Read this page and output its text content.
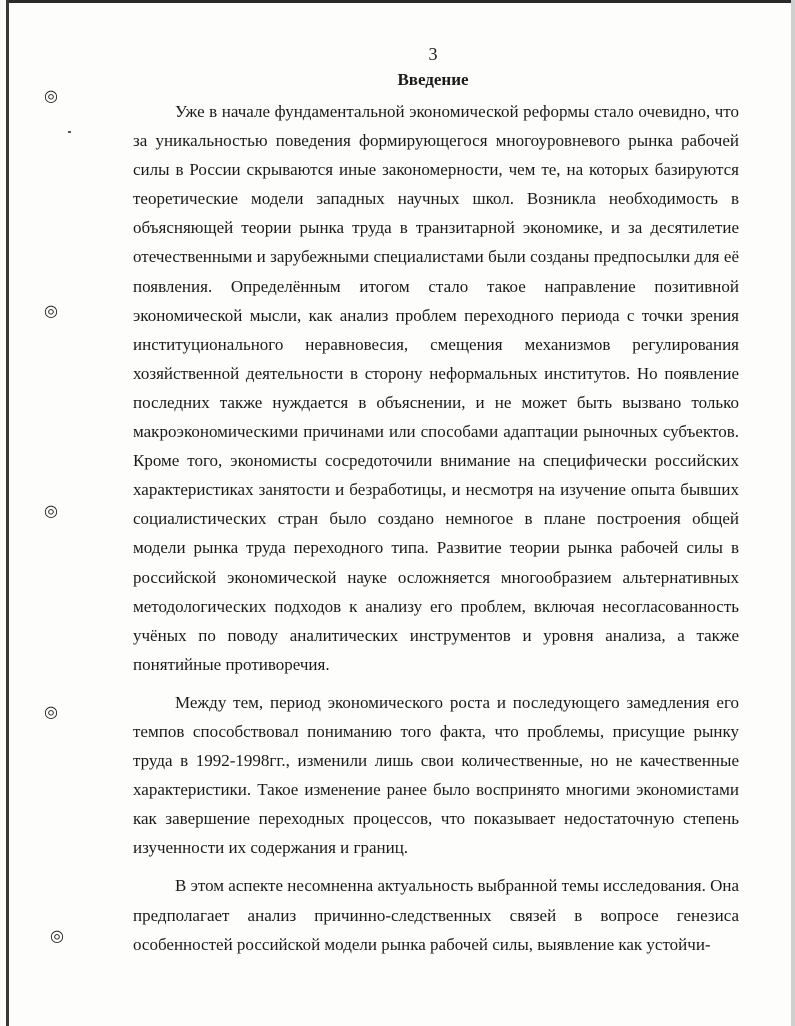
◎
◎
◎
◎
◎
3
Введение

Уже в начале фундаментальной экономической реформы стало очевидно, что за уникальностью поведения формирующегося многоуровневого рынка рабочей силы в России скрываются иные закономерности, чем те, на которых базируются теоретические модели западных научных школ. Возникла необходимость в объясняющей теории рынка труда в транзитарной экономике, и за десятилетие отечественными и зарубежными специалистами были созданы предпосылки для её появления. Определённым итогом стало такое направление позитивной экономической мысли, как анализ проблем переходного периода с точки зрения институционального неравновесия, смещения механизмов регулирования хозяйственной деятельности в сторону неформальных институтов. Но появление последних также нуждается в объяснении, и не может быть вызвано только макроэкономическими причинами или способами адаптации рыночных субъектов. Кроме того, экономисты сосредоточили внимание на специфически российских характеристиках занятости и безработицы, и несмотря на изучение опыта бывших социалистических стран было создано немногое в плане построения общей модели рынка труда переходного типа. Развитие теории рынка рабочей силы в российской экономической науке осложняется многообразием альтернативных методологических подходов к анализу его проблем, включая несогласованность учёных по поводу аналитических инструментов и уровня анализа, а также понятийные противоречия.

Между тем, период экономического роста и последующего замедления его темпов способствовал пониманию того факта, что проблемы, присущие рынку труда в 1992-1998гг., изменили лишь свои количественные, но не качественные характеристики. Такое изменение ранее было воспринято многими экономистами как завершение переходных процессов, что показывает недостаточную степень изученности их содержания и границ.

В этом аспекте несомненна актуальность выбранной темы исследования. Она предполагает анализ причинно-следственных связей в вопросе генезиса особенностей российской модели рынка рабочей силы, выявление как устойчи-
